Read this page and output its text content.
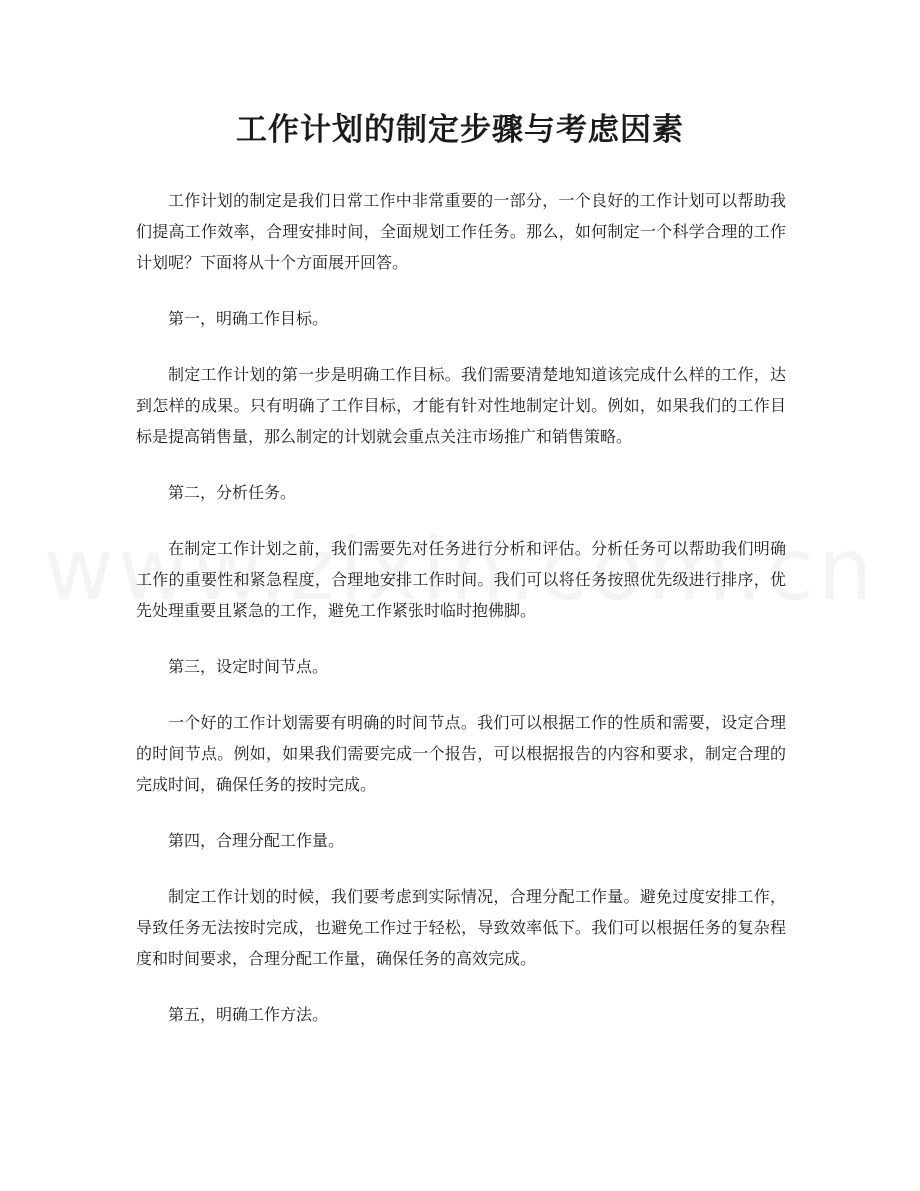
工作计划的制定步骤与考虑因素

工作计划的制定是我们日常工作中非常重要的一部分，一个良好的工作计划可以帮助我们提高工作效率，合理安排时间，全面规划工作任务。那么，如何制定一个科学合理的工作计划呢？下面将从十个方面展开回答。

第一，明确工作目标。

制定工作计划的第一步是明确工作目标。我们需要清楚地知道该完成什么样的工作，达到怎样的成果。只有明确了工作目标，才能有针对性地制定计划。例如，如果我们的工作目标是提高销售量，那么制定的计划就会重点关注市场推广和销售策略。

第二，分析任务。

在制定工作计划之前，我们需要先对任务进行分析和评估。分析任务可以帮助我们明确工作的重要性和紧急程度，合理地安排工作时间。我们可以将任务按照优先级进行排序，优先处理重要且紧急的工作，避免工作紧张时临时抱佛脚。

第三，设定时间节点。

一个好的工作计划需要有明确的时间节点。我们可以根据工作的性质和需要，设定合理的时间节点。例如，如果我们需要完成一个报告，可以根据报告的内容和要求，制定合理的完成时间，确保任务的按时完成。

第四，合理分配工作量。

制定工作计划的时候，我们要考虑到实际情况，合理分配工作量。避免过度安排工作，导致任务无法按时完成，也避免工作过于轻松，导致效率低下。我们可以根据任务的复杂程度和时间要求，合理分配工作量，确保任务的高效完成。

第五，明确工作方法。
